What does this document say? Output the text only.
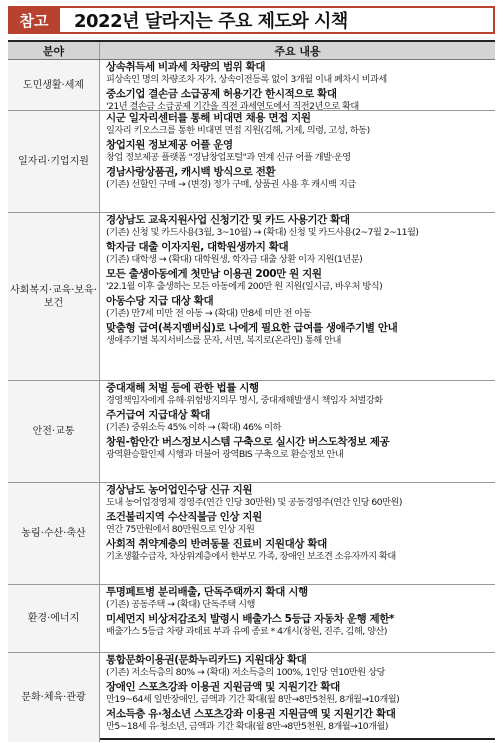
참고	2022년 달라지는 주요 제도와 시책
분야	주요 내용
도민생활·세제
상속취득세 비과세 차량의 범위 확대
피상속인 명의 차량조차 자가, 상속이전등록 없이 3개월 이내 폐차시 비과세
중소기업 결손금 소급공제 허용기간 한시적으로 확대
'21년 결손금 소급공제 기간을 직전 과세연도에서 직전2년으로 확대
일자리·기업지원
시군 일자리센터를 통해 비대면 채용 면접 지원
일자리 키오스크를 통한 비대면 면접 지원(김해, 거제, 의령, 고성, 하동)
창업지원 정보제공 어플 운영
창업 정보제공 플랫폼 "경남창업포털"과 연계 신규 어플 개발·운영
경남사랑상품권, 캐시백 방식으로 전환
(기존) 선할인 구매 → (변경) 정가 구매, 상품권 사용 후 캐시백 지급
사회복지·교육·보육·보건
경상남도 교육지원사업 신청기간 및 카드 사용기간 확대
(기존) 신청 및 카드사용(3월, 3~10월) → (확대) 신청 및 카드사용(2~7월 2~11월)
학자금 대출 이자지원, 대학원생까지 확대
(기존) 대학생 → (확대) 대학원생, 학자금 대출 상환 이자 지원(1년분)
모든 출생아동에게 첫만남 이용권 200만 원 지원
'22.1월 이후 출생하는 모든 아동에게 200만 원 지원(일시금, 바우처 방식)
아동수당 지급 대상 확대
(기존) 만7세 미만 전 아동 → (확대) 만8세 미만 전 아동
맞춤형 급여(복지멤버십)로 나에게 필요한 급여를 생애주기별 안내
생애주기별 복지서비스를 문자, 서면, 복지로(온라인) 통해 안내
안전·교통
중대재해 처벌 등에 관한 법률 시행
경영책임자에게 유해·위험방지의무 명시, 중대재해발생시 책임자 처벌강화
주거급여 지급대상 확대
(기존) 중위소득 45% 이하 → (확대) 46% 이하
창원-함안간 버스정보시스템 구축으로 실시간 버스도착정보 제공
광역환승할인제 시행과 더불어 광역BIS 구축으로 환승정보 안내
농림·수산·축산
경상남도 농어업인수당 신규 지원
도내 농어업경영체 경영주(연간 인당 30만원) 및 공동경영주(연간 인당 60만원)
조건불리지역 수산직불금 인상 지원
연간 75만원에서 80만원으로 인상 지원
사회적 취약계층의 반려동물 진료비 지원대상 확대
기초생활수급자, 차상위계층에서 한부모 가족, 장애인 보조견 소유자까지 확대
환경·에너지
투명페트병 분리배출, 단독주택까지 확대 시행
(기존) 공동주택 → (확대) 단독주택 시행
미세먼지 비상저감조치 발령시 배출가스 5등급 자동차 운행 제한*
배출가스 5등급 차량 과태료 부과 유예 종료 * 4개시(창원, 진주, 김해, 양산)
문화·체육·관광
통합문화이용권(문화누리카드) 지원대상 확대
(기존) 저소득층의 80% → (확대) 저소득층의 100%, 1인당 연10만원 상당
장애인 스포츠강좌 이용권 지원금액 및 지원기간 확대
만19~64세 일반장애인, 금액과 기간 확대(월 8만→8만5천원, 8개월→10개월)
저소득층 유·청소년 스포츠강좌 이용권 지원금액 및 지원기간 확대
만5~18세 유·청소년, 금액과 기간 확대(월 8만→8만5천원, 8개월→10개월)
